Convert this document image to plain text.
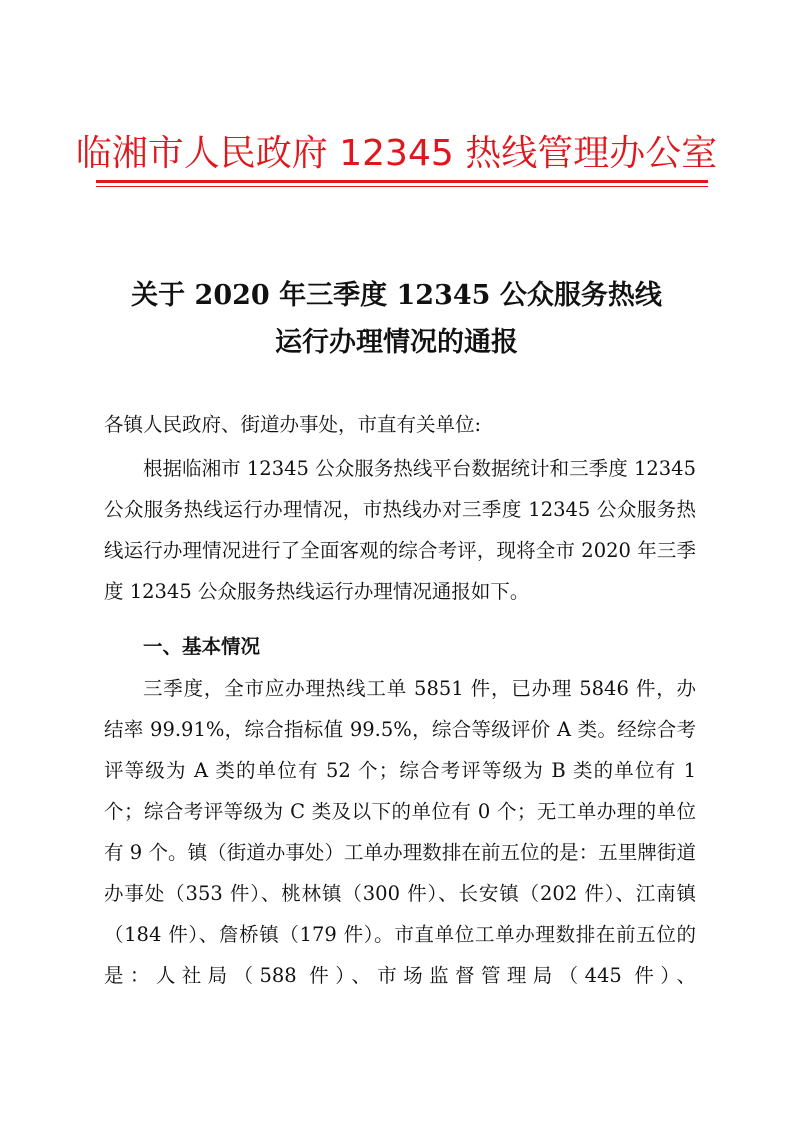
临湘市人民政府 12345 热线管理办公室
关于 2020 年三季度 12345 公众服务热线
运行办理情况的通报
各镇人民政府、街道办事处，市直有关单位:
根据临湘市 12345 公众服务热线平台数据统计和三季度 12345 公众服务热线运行办理情况，市热线办对三季度 12345 公众服务热线运行办理情况进行了全面客观的综合考评，现将全市 2020 年三季度 12345 公众服务热线运行办理情况通报如下。
一、基本情况
三季度，全市应办理热线工单 5851 件，已办理 5846 件，办结率 99.91%，综合指标值 99.5%，综合等级评价 A 类。经综合考评等级为 A 类的单位有 52 个；综合考评等级为 B 类的单位有 1 个；综合考评等级为 C 类及以下的单位有 0 个；无工单办理的单位有 9 个。镇（街道办事处）工单办理数排在前五位的是：五里牌街道办事处（353 件）、桃林镇（300 件）、长安镇（202 件）、江南镇（184 件）、詹桥镇（179 件）。市直单位工单办理数排在前五位的是：人社局（588 件）、市场监督管理局（445 件）、
